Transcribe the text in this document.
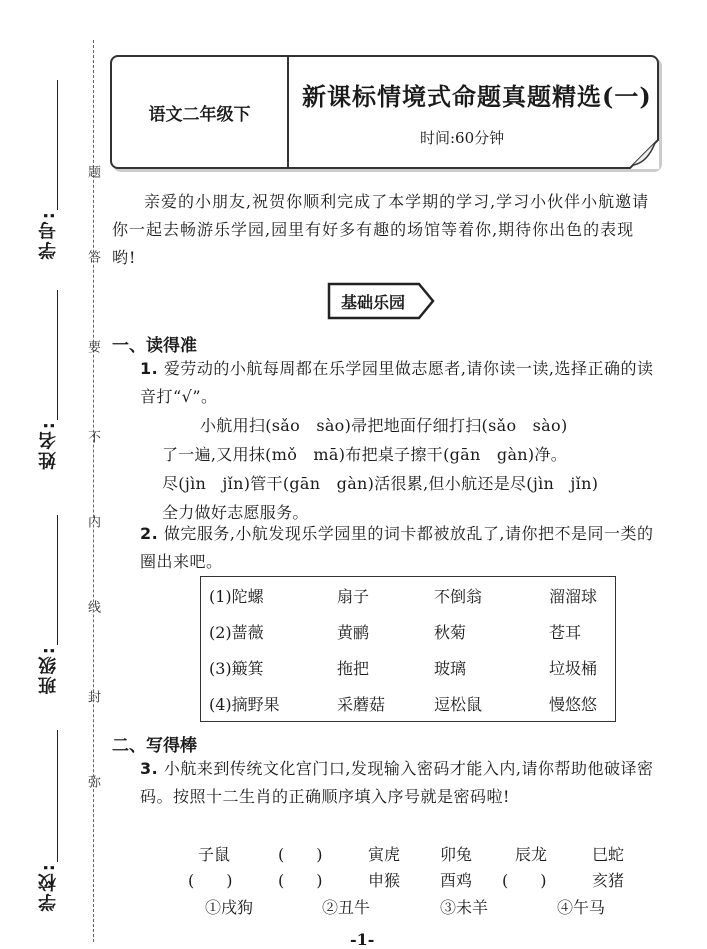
题
答
要
不
内
线
封
弥
学号:
姓名:
班级:
学校:
语文二年级下
新课标情境式命题真题精选(一)
时间:60分钟
亲爱的小朋友,祝贺你顺利完成了本学期的学习,学习小伙伴小航邀请你一起去畅游乐学园,园里有好多有趣的场馆等着你,期待你出色的表现哟!
基础乐园
一、读得准
1. 爱劳动的小航每周都在乐学园里做志愿者,请你读一读,选择正确的读音打“√”。
小航用扫(sǎo　sào)帚把地面仔细打扫(sǎo　sào)
了一遍,又用抹(mǒ　mā)布把桌子擦干(gān　gàn)净。
尽(jìn　jǐn)管干(gān　gàn)活很累,但小航还是尽(jìn　jǐn)
全力做好志愿服务。
2. 做完服务,小航发现乐学园里的词卡都被放乱了,请你把不是同一类的圈出来吧。
(1)陀螺	扇子	不倒翁	溜溜球
(2)蔷薇	黄鹂	秋菊	苍耳
(3)簸箕	拖把	玻璃	垃圾桶
(4)摘野果	采蘑菇	逗松鼠	慢悠悠
二、写得棒
3. 小航来到传统文化宫门口,发现输入密码才能入内,请你帮助他破译密码。按照十二生肖的正确顺序填入序号就是密码啦!
子鼠	(　　)	寅虎 卯兔	辰龙	巳蛇
(　　)	(　　)	申猴 酉鸡 (　　)	亥猪
①戌狗	②丑牛	③未羊	④午马
-1-
